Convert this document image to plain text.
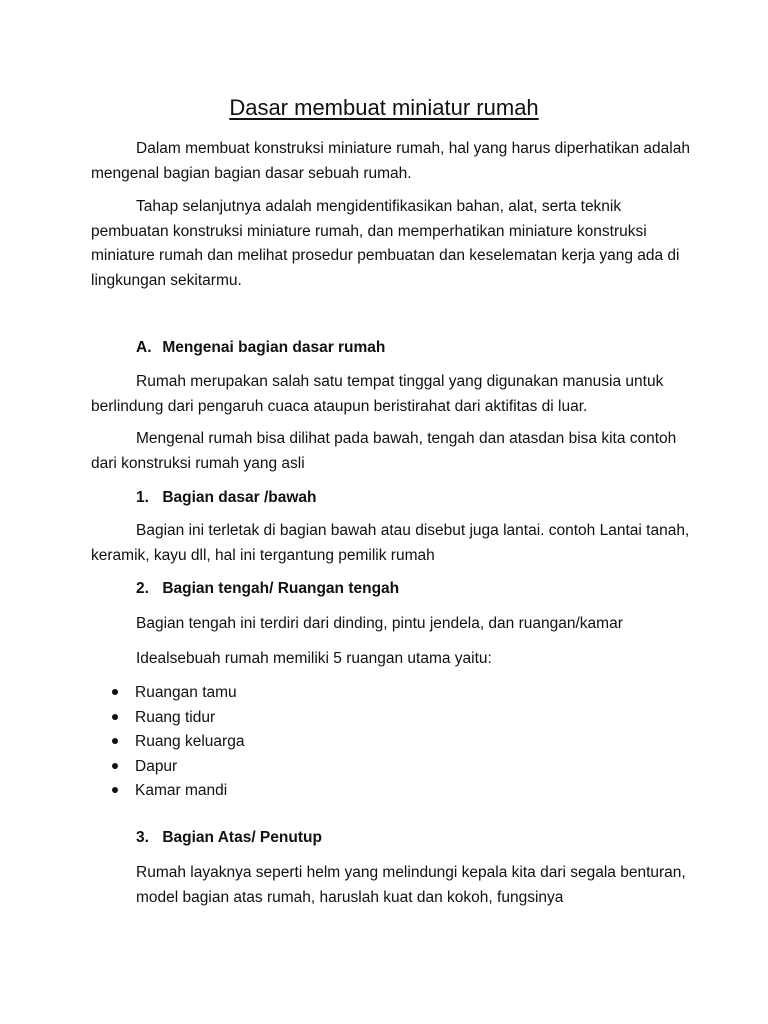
Dasar membuat miniatur rumah

Dalam membuat konstruksi miniature rumah, hal yang harus diperhatikan adalah mengenal bagian bagian dasar sebuah rumah.

Tahap selanjutnya adalah mengidentifikasikan bahan, alat, serta teknik pembuatan konstruksi miniature rumah, dan memperhatikan miniature konstruksi miniature rumah dan melihat prosedur pembuatan dan keselematan kerja yang ada di lingkungan sekitarmu.

A. Mengenai bagian dasar rumah

Rumah merupakan salah satu tempat tinggal yang digunakan manusia untuk berlindung dari pengaruh cuaca ataupun beristirahat dari aktifitas di luar.

Mengenal rumah bisa dilihat pada bawah, tengah dan atasdan bisa kita contoh dari konstruksi rumah yang asli

1. Bagian dasar /bawah

Bagian ini terletak di bagian bawah atau disebut juga lantai. contoh Lantai tanah, keramik, kayu dll, hal ini tergantung pemilik rumah

2. Bagian tengah/ Ruangan tengah

Bagian tengah ini terdiri dari dinding, pintu jendela, dan ruangan/kamar

Idealsebuah rumah memiliki 5 ruangan utama yaitu:

Ruangan tamu
Ruang tidur
Ruang keluarga
Dapur
Kamar mandi
3. Bagian Atas/ Penutup

Rumah layaknya seperti helm yang melindungi kepala kita dari segala benturan, model bagian atas rumah, haruslah kuat dan kokoh, fungsinya
